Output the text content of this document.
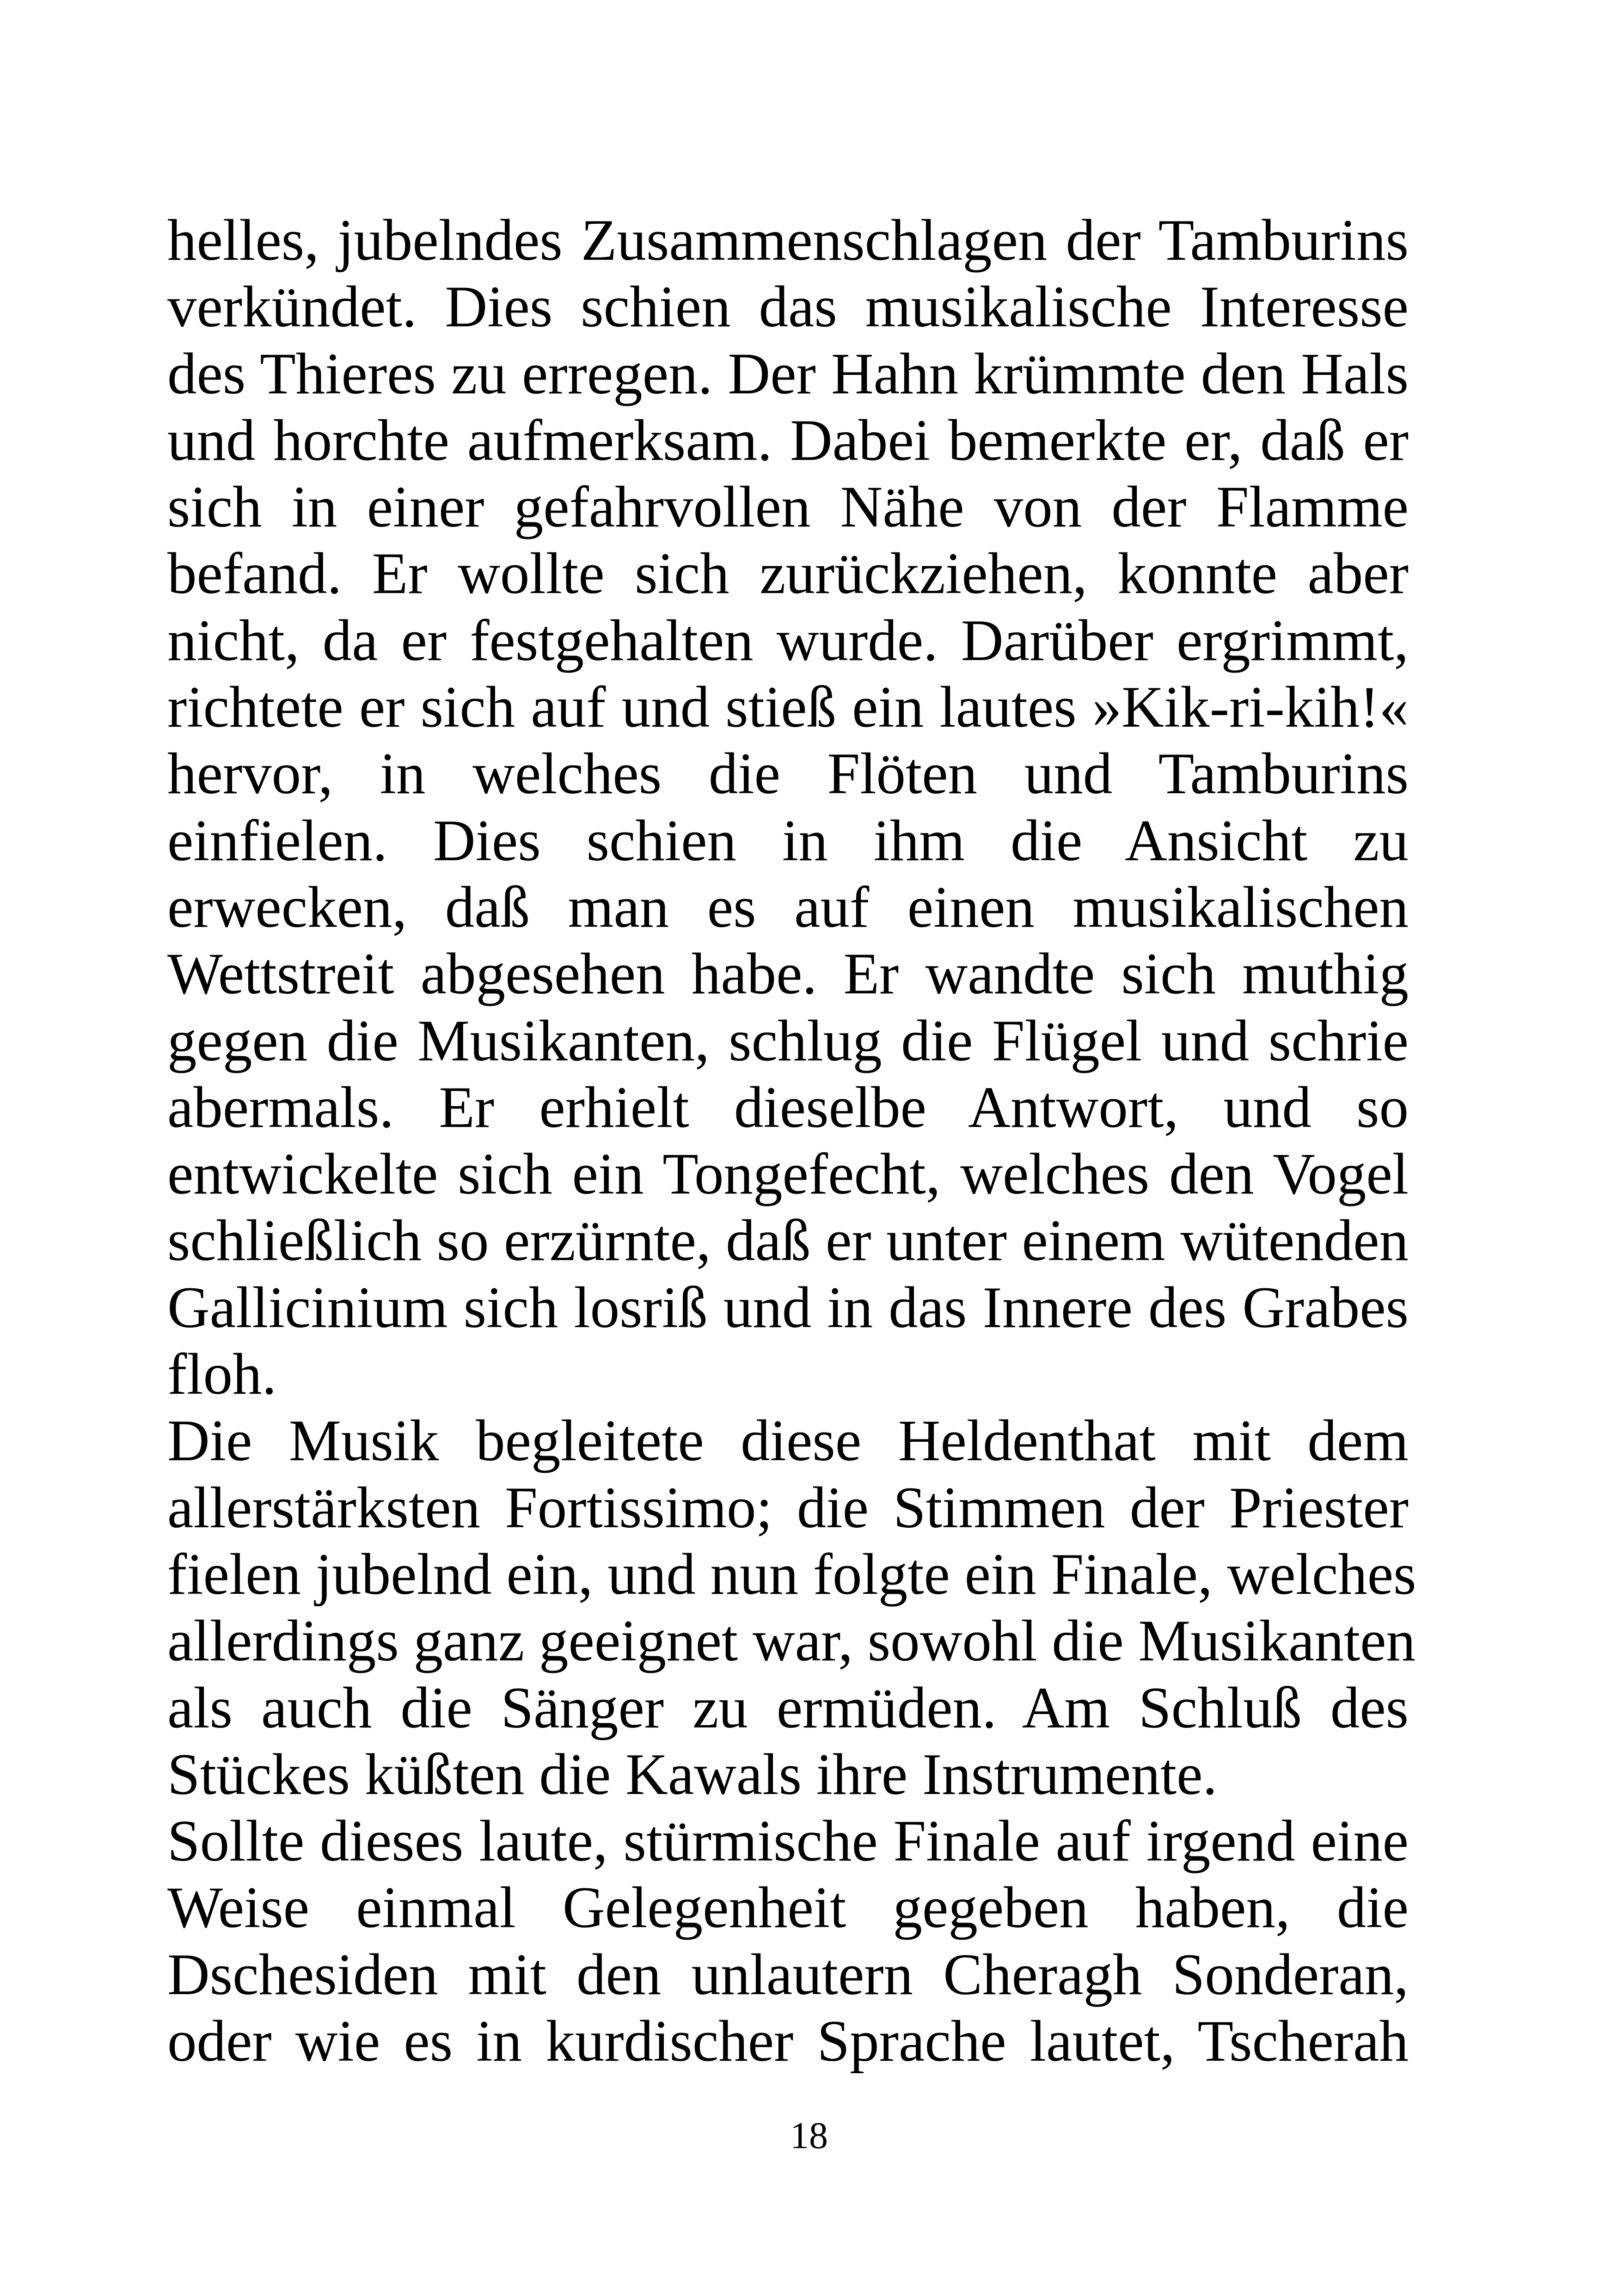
helles, jubelndes Zusammenschlagen der Tamburins
verkündet. Dies schien das musikalische Interesse
des Thieres zu erregen. Der Hahn krümmte den Hals
und horchte aufmerksam. Dabei bemerkte er, daß er
sich in einer gefahrvollen Nähe von der Flamme
befand. Er wollte sich zurückziehen, konnte aber
nicht, da er festgehalten wurde. Darüber ergrimmt,
richtete er sich auf und stieß ein lautes »Kik-ri-kih!«
hervor, in welches die Flöten und Tamburins
einfielen. Dies schien in ihm die Ansicht zu
erwecken, daß man es auf einen musikalischen
Wettstreit abgesehen habe. Er wandte sich muthig
gegen die Musikanten, schlug die Flügel und schrie
abermals. Er erhielt dieselbe Antwort, und so
entwickelte sich ein Tongefecht, welches den Vogel
schließlich so erzürnte, daß er unter einem wütenden
Gallicinium sich losriß und in das Innere des Grabes
floh.
Die Musik begleitete diese Heldenthat mit dem
allerstärksten Fortissimo; die Stimmen der Priester
fielen jubelnd ein, und nun folgte ein Finale, welches
allerdings ganz geeignet war, sowohl die Musikanten
als auch die Sänger zu ermüden. Am Schluß des
Stückes küßten die Kawals ihre Instrumente.
Sollte dieses laute, stürmische Finale auf irgend eine
Weise einmal Gelegenheit gegeben haben, die
Dschesiden mit den unlautern Cheragh Sonderan,
oder wie es in kurdischer Sprache lautet, Tscherah
18
